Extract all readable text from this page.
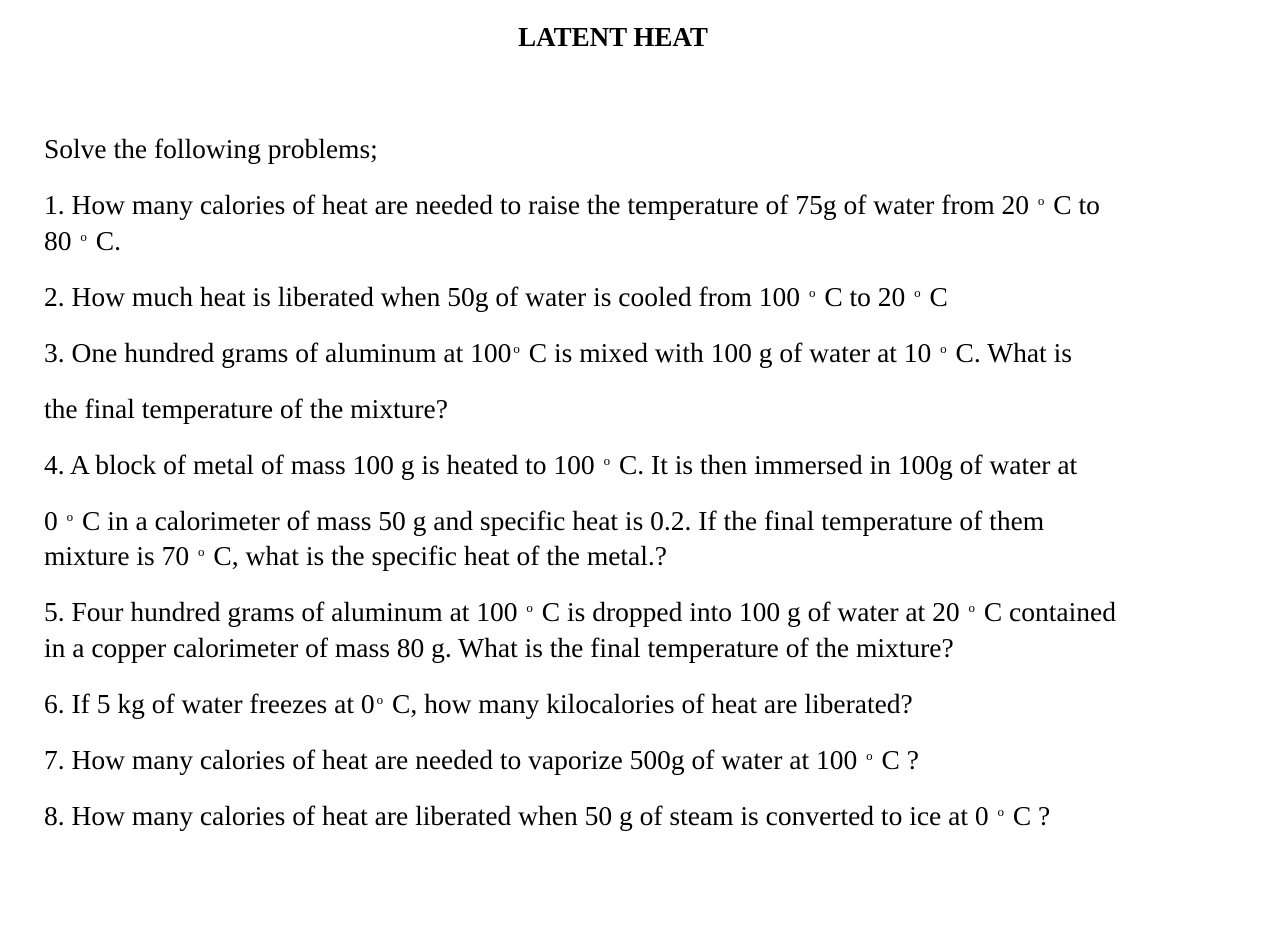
LATENT HEAT
Solve the following problems;
1. How many calories of heat are needed to raise the temperature of 75g of water from 20 $^o$ C to
80 $^o$ C.
2. How much heat is liberated when 50g of water is cooled from 100 $^o$ C to 20 $^o$ C
3. One hundred grams of aluminum at 100 $^o$ C is mixed with 100 g of water at 10 $^o$ C. What is
the final temperature of the mixture?
4. A block of metal of mass 100 g is heated to 100 $^o$ C. It is then immersed in 100g of water at
0 $^o$ C in a calorimeter of mass 50 g and specific heat is 0.2. If the final temperature of them
mixture is 70 $^o$ C, what is the specific heat of the metal.?
5. Four hundred grams of aluminum at 100 $^o$ C is dropped into 100 g of water at 20 $^o$ C contained
in a copper calorimeter of mass 80 g. What is the final temperature of the mixture?
6. If 5 kg of water freezes at 0 $^o$ C, how many kilocalories of heat are liberated?
7. How many calories of heat are needed to vaporize 500g of water at 100 $^o$ C ?
8. How many calories of heat are liberated when 50 g of steam is converted to ice at 0 $^o$ C ?
